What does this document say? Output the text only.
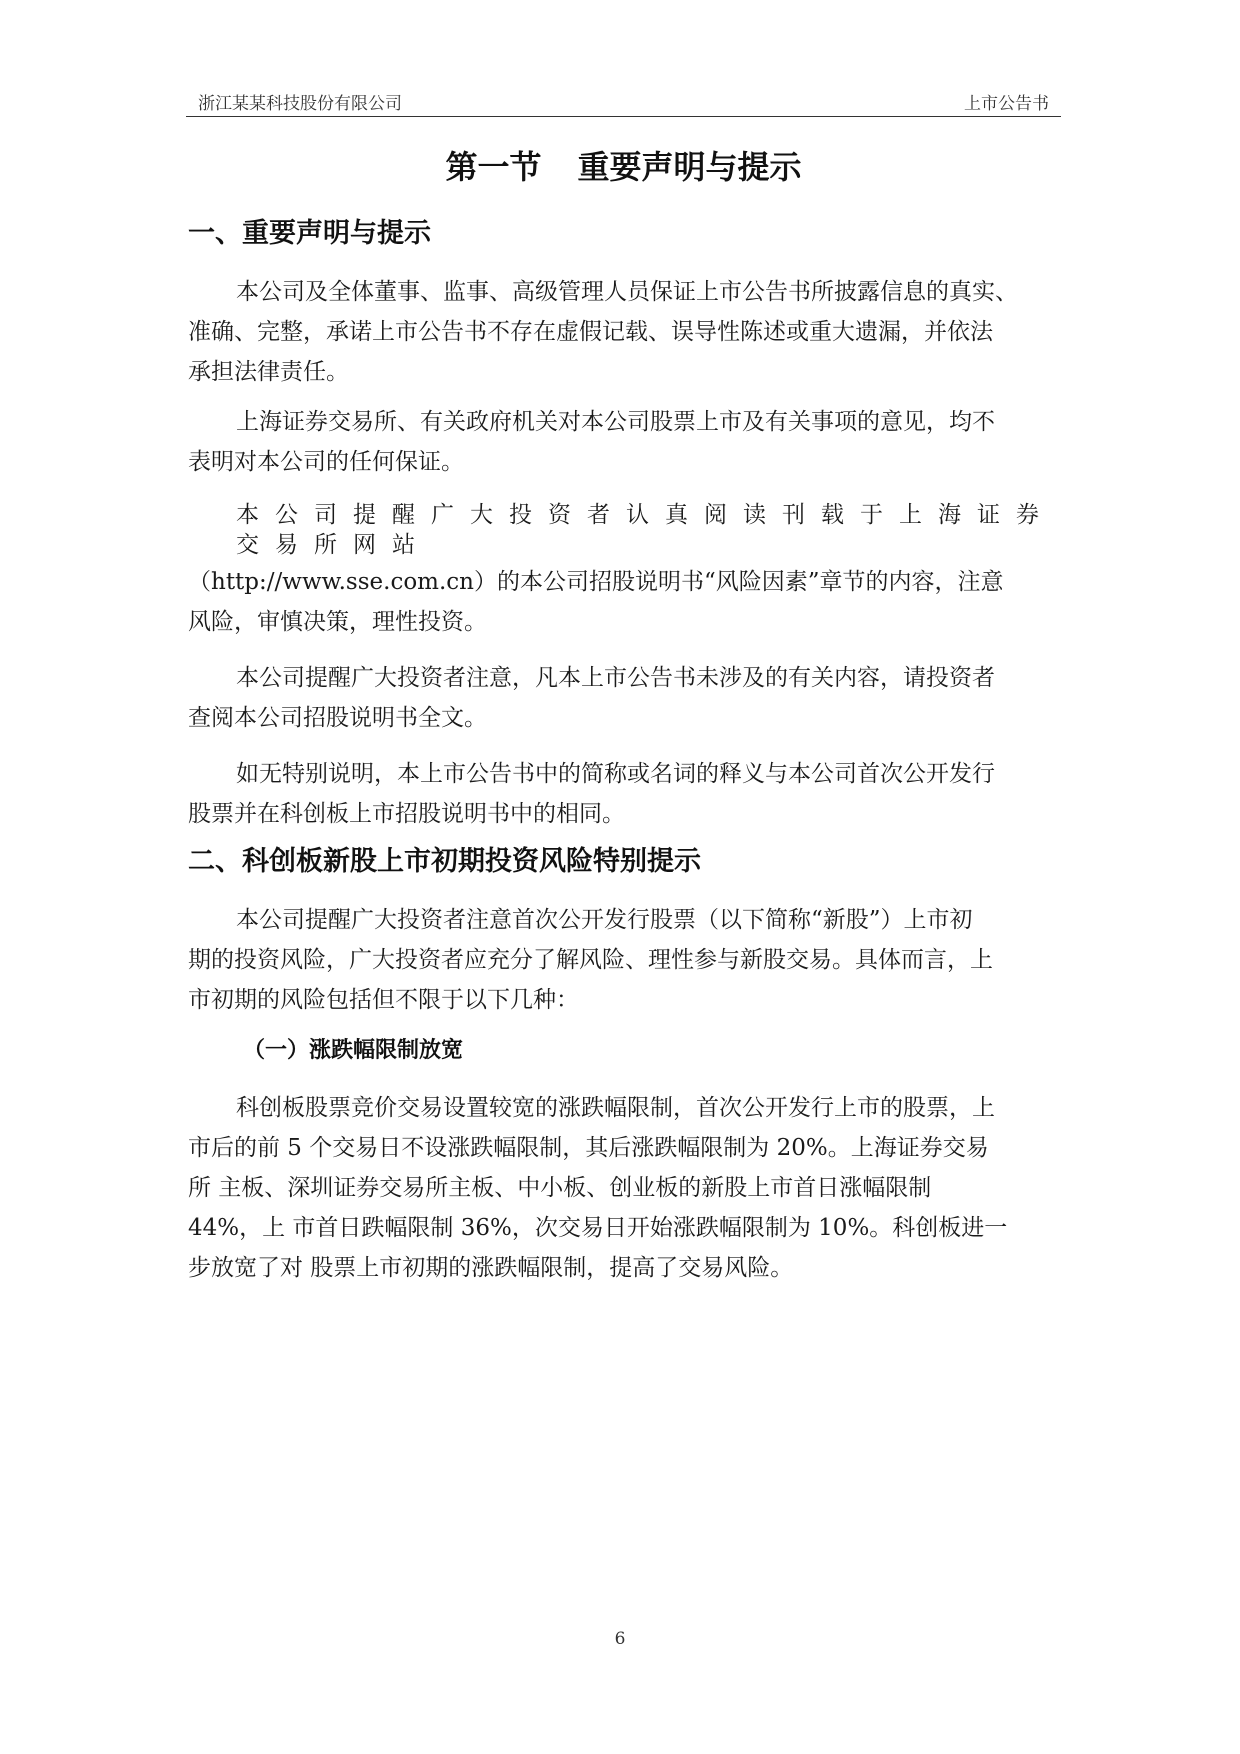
浙江某某科技股份有限公司	上市公告书
第一节 重要声明与提示
一、重要声明与提示
本公司及全体董事、监事、高级管理人员保证上市公告书所披露信息的真实、
准确、完整，承诺上市公告书不存在虚假记载、误导性陈述或重大遗漏，并依法
承担法律责任。
上海证券交易所、有关政府机关对本公司股票上市及有关事项的意见，均不
表明对本公司的任何保证。
本公司提醒广大投资者认真阅读刊载于上海证券交易所网站
（http://www.sse.com.cn）的本公司招股说明书“风险因素”章节的内容，注意
风险，审慎决策，理性投资。
本公司提醒广大投资者注意，凡本上市公告书未涉及的有关内容，请投资者
查阅本公司招股说明书全文。
如无特别说明，本上市公告书中的简称或名词的释义与本公司首次公开发行
股票并在科创板上市招股说明书中的相同。
二、科创板新股上市初期投资风险特别提示
本公司提醒广大投资者注意首次公开发行股票（以下简称“新股”）上市初
期的投资风险，广大投资者应充分了解风险、理性参与新股交易。具体而言，上
市初期的风险包括但不限于以下几种：
（一）涨跌幅限制放宽
科创板股票竞价交易设置较宽的涨跌幅限制，首次公开发行上市的股票，上
市后的前 5 个交易日不设涨跌幅限制，其后涨跌幅限制为 20%。上海证券交易
所 主板、深圳证券交易所主板、中小板、创业板的新股上市首日涨幅限制
44%，上 市首日跌幅限制 36%，次交易日开始涨跌幅限制为 10%。科创板进一
步放宽了对 股票上市初期的涨跌幅限制，提高了交易风险。
6
